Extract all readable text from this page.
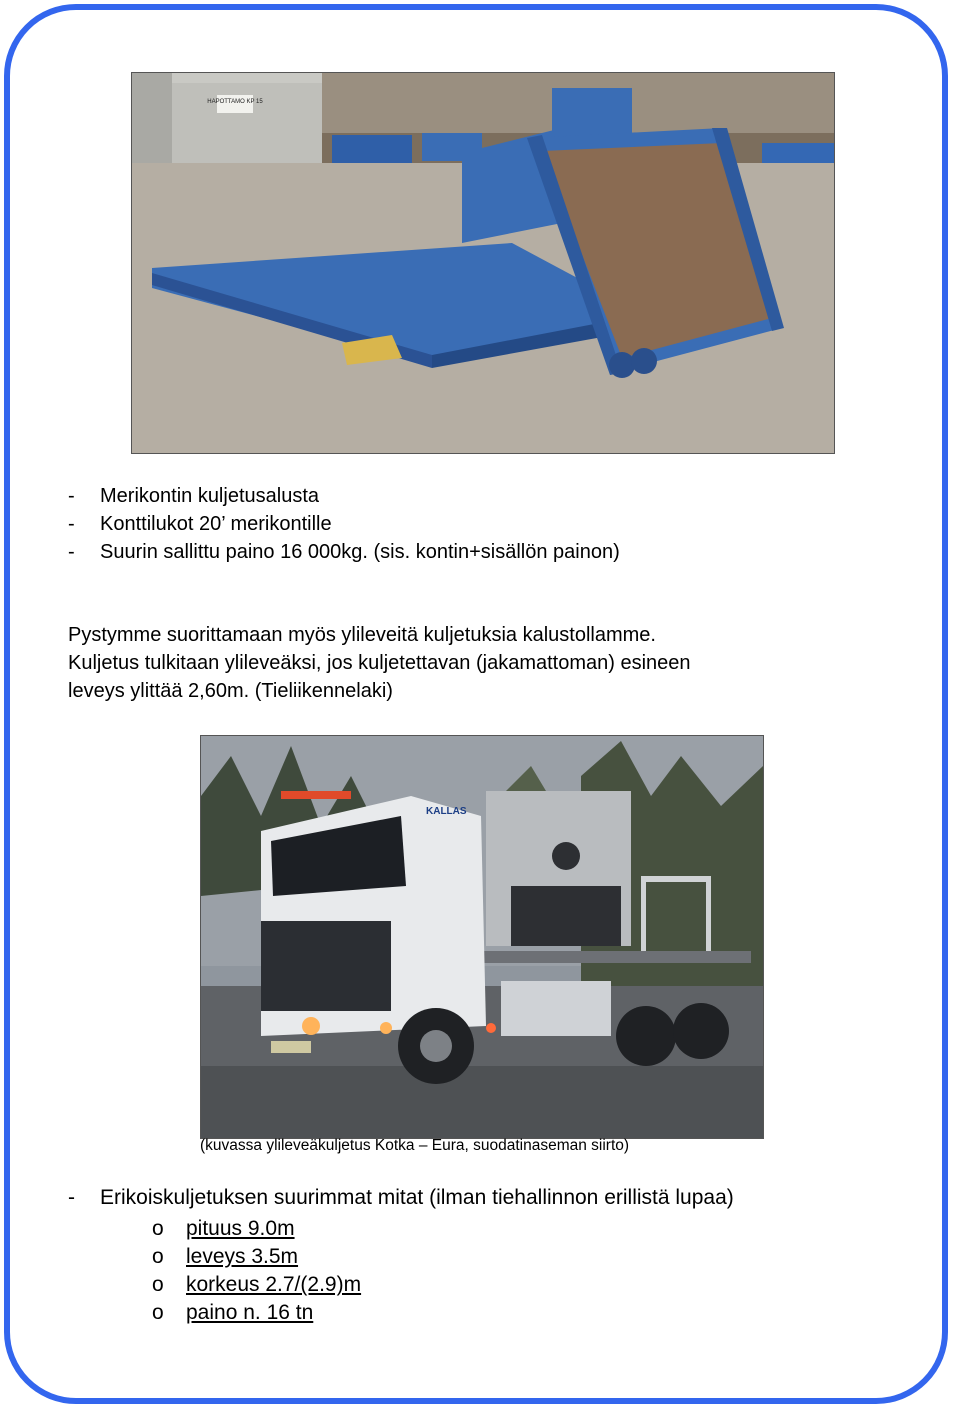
HAPOTTAMO KP 15
-	Merikontin kuljetusalusta
-	Konttilukot 20’ merikontille
-	Suurin sallittu paino 16 000kg. (sis. kontin+sisällön painon)

Pystymme suorittamaan myös ylileveitä kuljetuksia kalustollamme.
Kuljetus tulkitaan ylileveäksi, jos kuljetettavan (jakamattoman) esineen
leveys ylittää 2,60m. (Tieliikennelaki)

KALLAS

(kuvassa ylileveäkuljetus Kotka – Eura, suodatinaseman siirto)

-	Erikoiskuljetuksen suurimmat mitat (ilman tiehallinnon erillistä lupaa)
o	pituus 9.0m
o	leveys 3.5m
o	korkeus 2.7/(2.9)m
o	paino n. 16 tn
